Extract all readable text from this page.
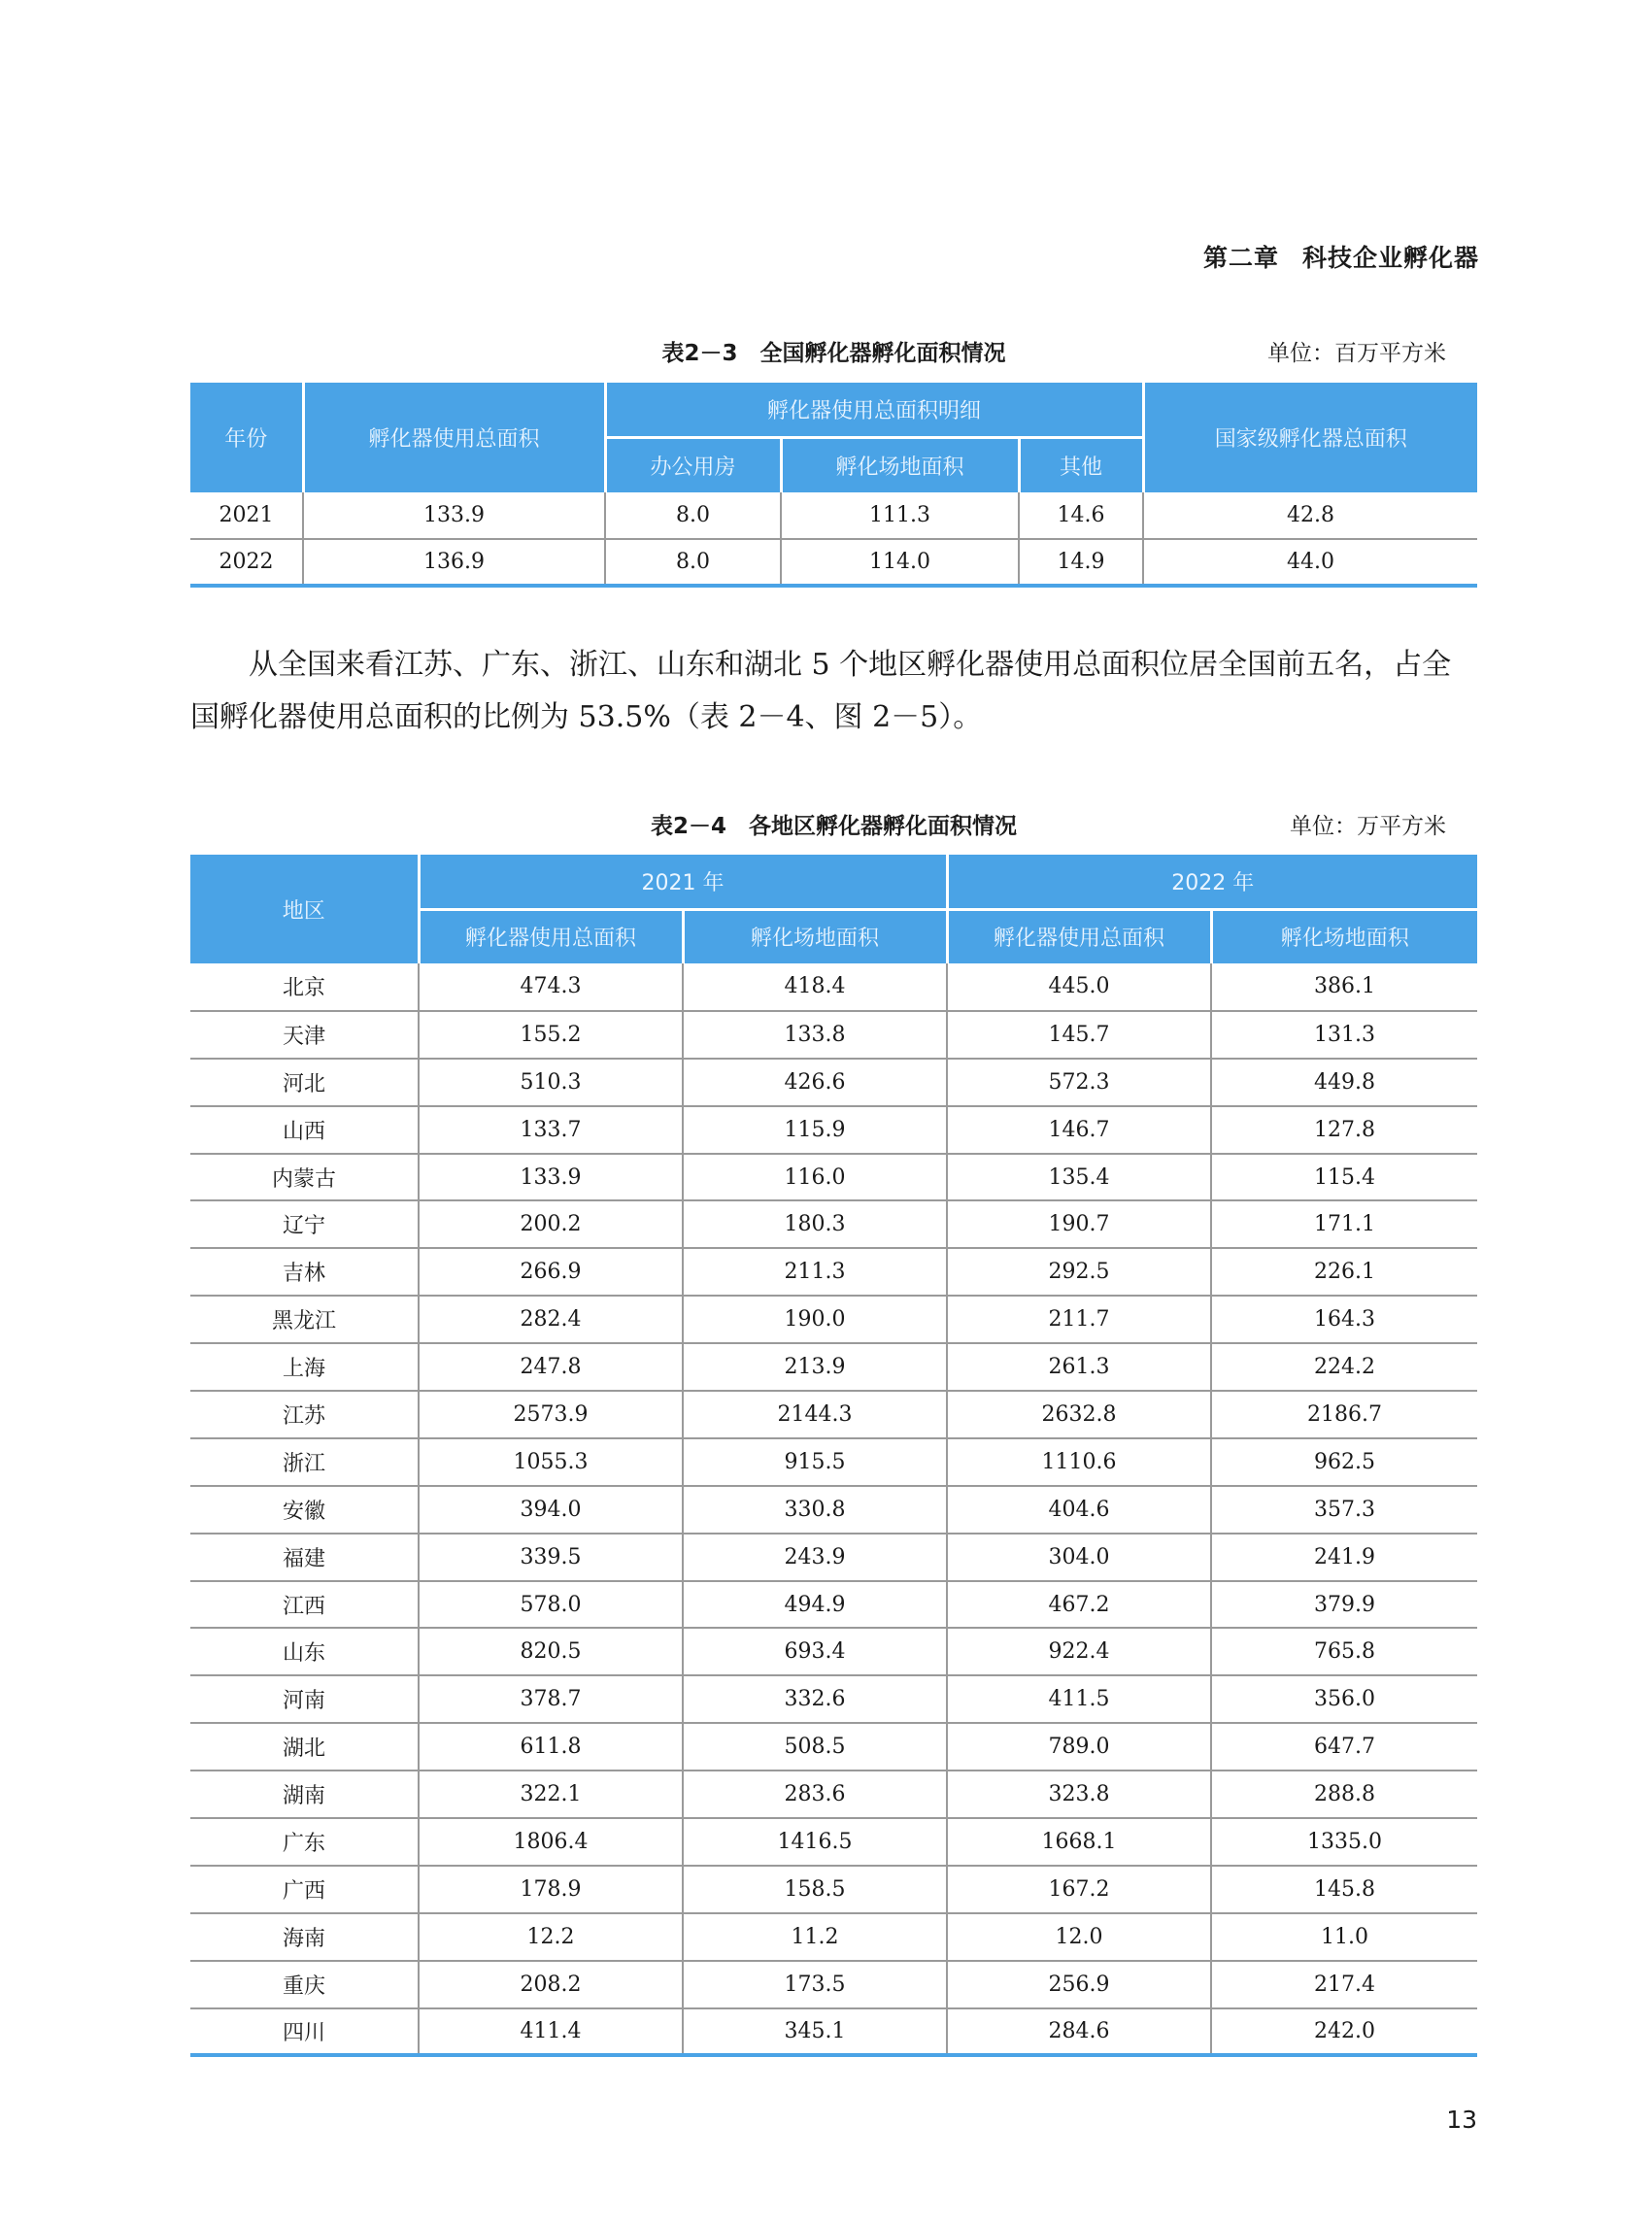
第二章 科技企业孵化器
表2－3　全国孵化器孵化面积情况	单位：百万平方米
年份	孵化器使用总面积	孵化器使用总面积明细			国家级孵化器总面积
		办公用房	孵化场地面积	其他	
2021	133.9	8.0	111.3	14.6	42.8
2022	136.9	8.0	114.0	14.9	44.0

从全国来看江苏、广东、浙江、山东和湖北 5 个地区孵化器使用总面积位居全国前五名，占全

国孵化器使用总面积的比例为 53.5%（表 2－4、图 2－5）。

表2－4　各地区孵化器孵化面积情况	单位：万平方米
地区	2021 年		2022 年	
	孵化器使用总面积	孵化场地面积	孵化器使用总面积	孵化场地面积
北京	474.3	418.4	445.0	386.1
天津	155.2	133.8	145.7	131.3
河北	510.3	426.6	572.3	449.8
山西	133.7	115.9	146.7	127.8
内蒙古	133.9	116.0	135.4	115.4
辽宁	200.2	180.3	190.7	171.1
吉林	266.9	211.3	292.5	226.1
黑龙江	282.4	190.0	211.7	164.3
上海	247.8	213.9	261.3	224.2
江苏	2573.9	2144.3	2632.8	2186.7
浙江	1055.3	915.5	1110.6	962.5
安徽	394.0	330.8	404.6	357.3
福建	339.5	243.9	304.0	241.9
江西	578.0	494.9	467.2	379.9
山东	820.5	693.4	922.4	765.8
河南	378.7	332.6	411.5	356.0
湖北	611.8	508.5	789.0	647.7
湖南	322.1	283.6	323.8	288.8
广东	1806.4	1416.5	1668.1	1335.0
广西	178.9	158.5	167.2	145.8
海南	12.2	11.2	12.0	11.0
重庆	208.2	173.5	256.9	217.4
四川	411.4	345.1	284.6	242.0
13
